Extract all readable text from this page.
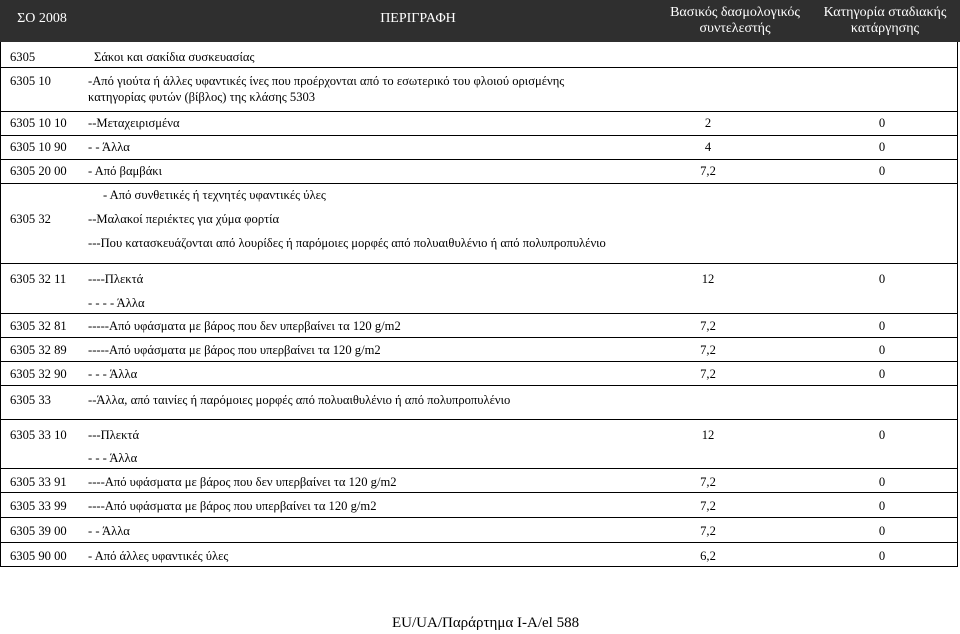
ΣΟ 2008	ΠΕΡΙΓΡΑΦΗ	Βασικός δασμολογικός
συντελεστής
Κατηγορία σταδιακής
κατάργησης
6305	Σάκοι και σακίδια συσκευασίας
6305 10	-Από γιούτα ή άλλες υφαντικές ίνες που προέρχονται από το εσωτερικό του φλοιού ορισμένης
κατηγορίας φυτών (βίβλος) της κλάσης 5303
6305 10 10 --Μεταχειρισμένα	2	0
6305 10 90 - - Άλλα	4	0
6305 20 00 - Από βαμβάκι	7,2	0
- Από συνθετικές ή τεχνητές υφαντικές ύλες
6305 32	--Μαλακοί περιέκτες για χύμα φορτία
---Που κατασκευάζονται από λουρίδες ή παρόμοιες μορφές από πολυαιθυλένιο ή από πολυπροπυλένιο
6305 32 11 ----Πλεκτά	12	0
- - - - Άλλα
6305 32 81 -----Από υφάσματα με βάρος που δεν υπερβαίνει τα 120 g/m2	7,2	0
6305 32 89 -----Από υφάσματα με βάρος που υπερβαίνει τα 120 g/m2	7,2	0
6305 32 90 - - - Άλλα	7,2	0
6305 33	--Άλλα, από ταινίες ή παρόμοιες μορφές από πολυαιθυλένιο ή από πολυπροπυλένιο
6305 33 10 ---Πλεκτά	12	0
- - - Άλλα
6305 33 91 ----Από υφάσματα με βάρος που δεν υπερβαίνει τα 120 g/m2	7,2	0
6305 33 99 ----Από υφάσματα με βάρος που υπερβαίνει τα 120 g/m2	7,2	0
6305 39 00 - - Άλλα	7,2	0
6305 90 00 - Από άλλες υφαντικές ύλες	6,2	0
EU/UA/Παράρτημα I-A/el 588
